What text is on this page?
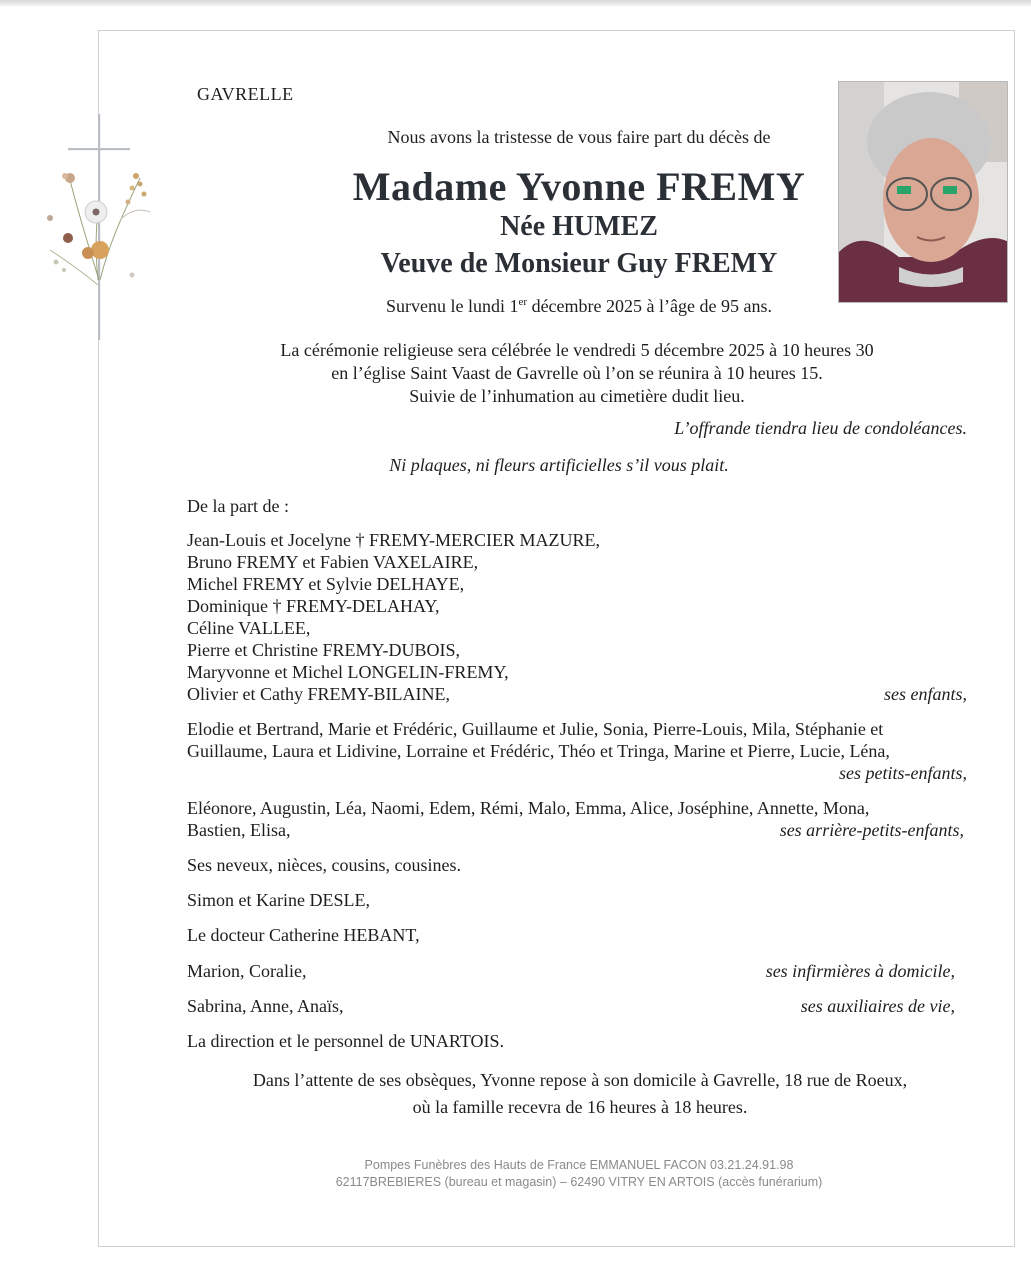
GAVRELLE
Nous avons la tristesse de vous faire part du décès de
Madame Yvonne FREMY
Née HUMEZ
Veuve de Monsieur Guy FREMY
Survenu le lundi 1er décembre 2025 à l’âge de 95 ans.
La cérémonie religieuse sera célébrée le vendredi 5 décembre 2025 à 10 heures 30
en l’église Saint Vaast de Gavrelle où l’on se réunira à 10 heures 15.
Suivie de l’inhumation au cimetière dudit lieu.
L’offrande tiendra lieu de condoléances.
Ni plaques, ni fleurs artificielles s’il vous plait.
De la part de :
Jean-Louis et Jocelyne † FREMY-MERCIER MAZURE,
Bruno FREMY et Fabien VAXELAIRE,
Michel FREMY et Sylvie DELHAYE,
Dominique † FREMY-DELAHAY,
Céline VALLEE,
Pierre et Christine FREMY-DUBOIS,
Maryvonne et Michel LONGELIN-FREMY,
Olivier et Cathy FREMY-BILAINE,	ses enfants,
Elodie et Bertrand, Marie et Frédéric, Guillaume et Julie, Sonia, Pierre-Louis, Mila, Stéphanie et
Guillaume, Laura et Lidivine, Lorraine et Frédéric, Théo et Tringa, Marine et Pierre, Lucie, Léna,
ses petits-enfants,
Eléonore, Augustin, Léa, Naomi, Edem, Rémi, Malo, Emma, Alice, Joséphine, Annette, Mona,
Bastien, Elisa,	ses arrière-petits-enfants,
Ses neveux, nièces, cousins, cousines.
Simon et Karine DESLE,
Le docteur Catherine HEBANT,
Marion, Coralie,	ses infirmières à domicile,
Sabrina, Anne, Anaïs,	ses auxiliaires de vie,
La direction et le personnel de UNARTOIS.
Dans l’attente de ses obsèques, Yvonne repose à son domicile à Gavrelle, 18 rue de Roeux,
où la famille recevra de 16 heures à 18 heures.
Pompes Funèbres des Hauts de France EMMANUEL FACON 03.21.24.91.98
62117BREBIERES (bureau et magasin) – 62490 VITRY EN ARTOIS (accès funérarium)
